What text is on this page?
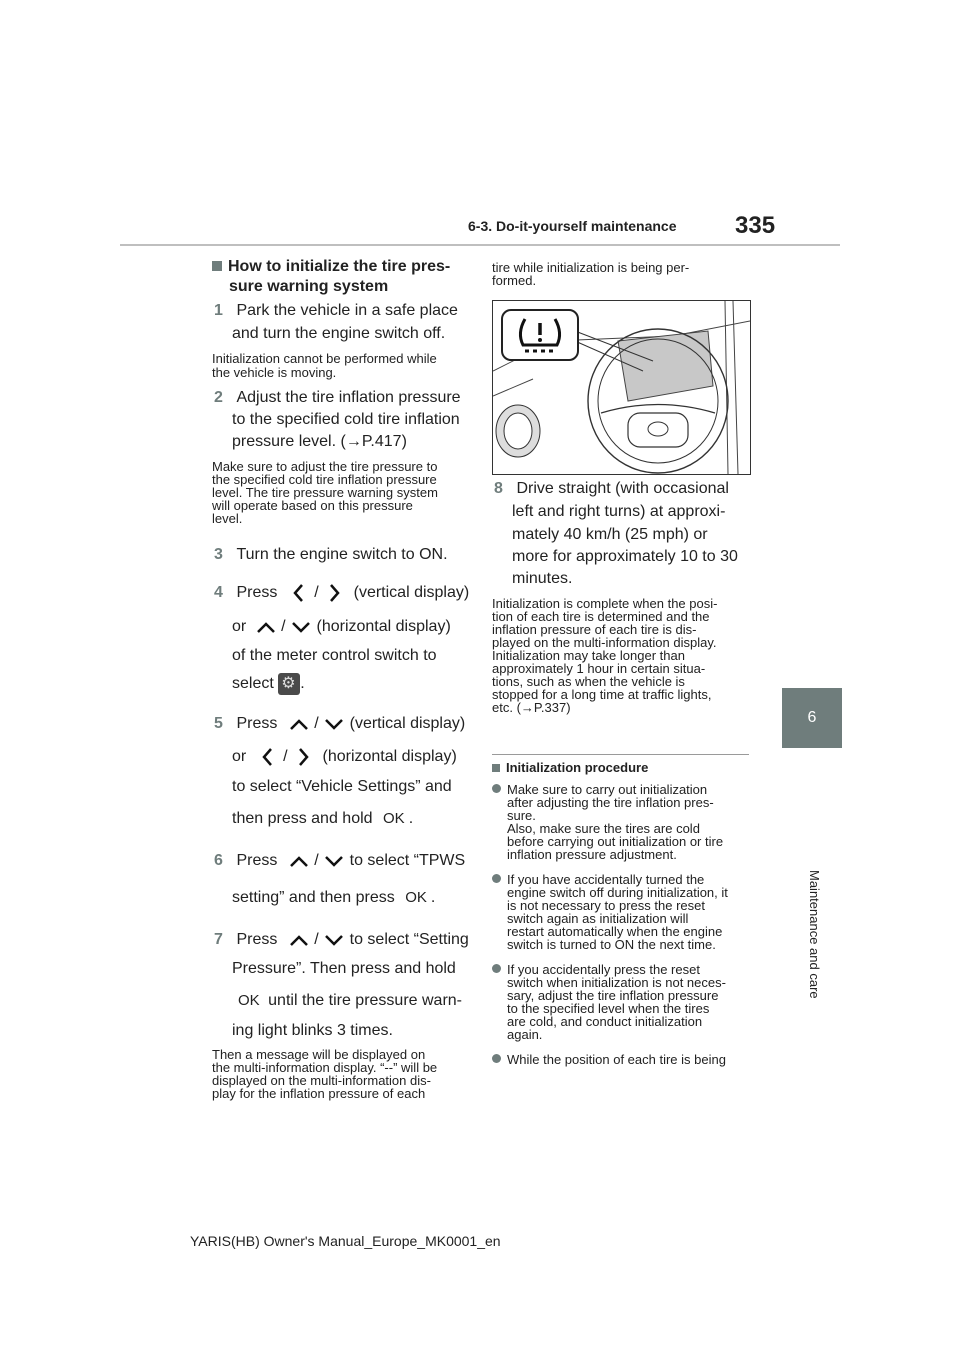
6-3. Do-it-yourself maintenance 335
6
Maintenance and care
How to initialize the tire pres-
sure warning system
1 Park the vehicle in a safe place
and turn the engine switch off.
Initialization cannot be performed while
the vehicle is moving.
2 Adjust the tire inflation pressure
to the specified cold tire inflation
pressure level. (→P.417)
Make sure to adjust the tire pressure to
the specified cold tire inflation pressure
level. The tire pressure warning system
will operate based on this pressure
level.
3 Turn the engine switch to ON.
4 Press / (vertical display)
or / (horizontal display)
of the meter control switch to
select ⚙ .
5 Press / (vertical display)
or / (horizontal display)
to select “Vehicle Settings” and
then press and hold OK .
6 Press / to select “TPWS
setting” and then press OK .
7 Press / to select “Setting
Pressure”. Then press and hold
OK until the tire pressure warn-
ing light blinks 3 times.
Then a message will be displayed on
the multi-information display. “--” will be
displayed on the multi-information dis-
play for the inflation pressure of each
tire while initialization is being per-
formed.
8 Drive straight (with occasional
left and right turns) at approxi-
mately 40 km/h (25 mph) or
more for approximately 10 to 30
minutes.
Initialization is complete when the posi-
tion of each tire is determined and the
inflation pressure of each tire is dis-
played on the multi-information display.
Initialization may take longer than
approximately 1 hour in certain situa-
tions, such as when the vehicle is
stopped for a long time at traffic lights,
etc. (→P.337)
Initialization procedure
Make sure to carry out initialization
after adjusting the tire inflation pres-
sure.
Also, make sure the tires are cold
before carrying out initialization or tire
inflation pressure adjustment.
If you have accidentally turned the
engine switch off during initialization, it
is not necessary to press the reset
switch again as initialization will
restart automatically when the engine
switch is turned to ON the next time.
If you accidentally press the reset
switch when initialization is not neces-
sary, adjust the tire inflation pressure
to the specified level when the tires
are cold, and conduct initialization
again.
While the position of each tire is being
YARIS(HB) Owner's Manual_Europe_MK0001_en
